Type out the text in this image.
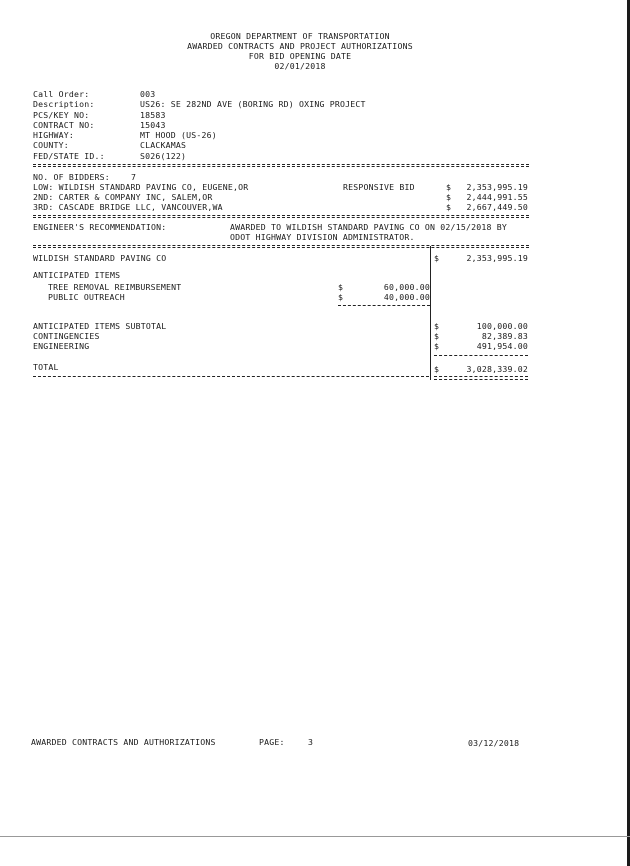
OREGON DEPARTMENT OF TRANSPORTATION
AWARDED CONTRACTS AND PROJECT AUTHORIZATIONS
FOR BID OPENING DATE
02/01/2018
Call Order:	003
Description:	US26: SE 282ND AVE (BORING RD) OXING PROJECT
PCS/KEY NO:	18583
CONTRACT NO:	15043
HIGHWAY:	MT HOOD (US-26)
COUNTY:	CLACKAMAS
FED/STATE ID.:	S026(122)
NO. OF BIDDERS:	7
RESPONSIVE BID
LOW: WILDISH STANDARD PAVING CO, EUGENE,OR	$	2,353,995.19
2ND: CARTER & COMPANY INC, SALEM,OR	$	2,444,991.55
3RD: CASCADE BRIDGE LLC, VANCOUVER,WA	$	2,667,449.50
ENGINEER'S RECOMMENDATION:	AWARDED TO WILDISH STANDARD PAVING CO ON 02/15/2018 BY
ODOT HIGHWAY DIVISION ADMINISTRATOR.
WILDISH STANDARD PAVING CO	$	2,353,995.19
ANTICIPATED ITEMS
TREE REMOVAL REIMBURSEMENT	$	60,000.00
PUBLIC OUTREACH	$	40,000.00
ANTICIPATED ITEMS SUBTOTAL	$	100,000.00
CONTINGENCIES	$	82,389.83
ENGINEERING	$	491,954.00
TOTAL	$	3,028,339.02
AWARDED CONTRACTS AND AUTHORIZATIONS	PAGE:	3	03/12/2018
